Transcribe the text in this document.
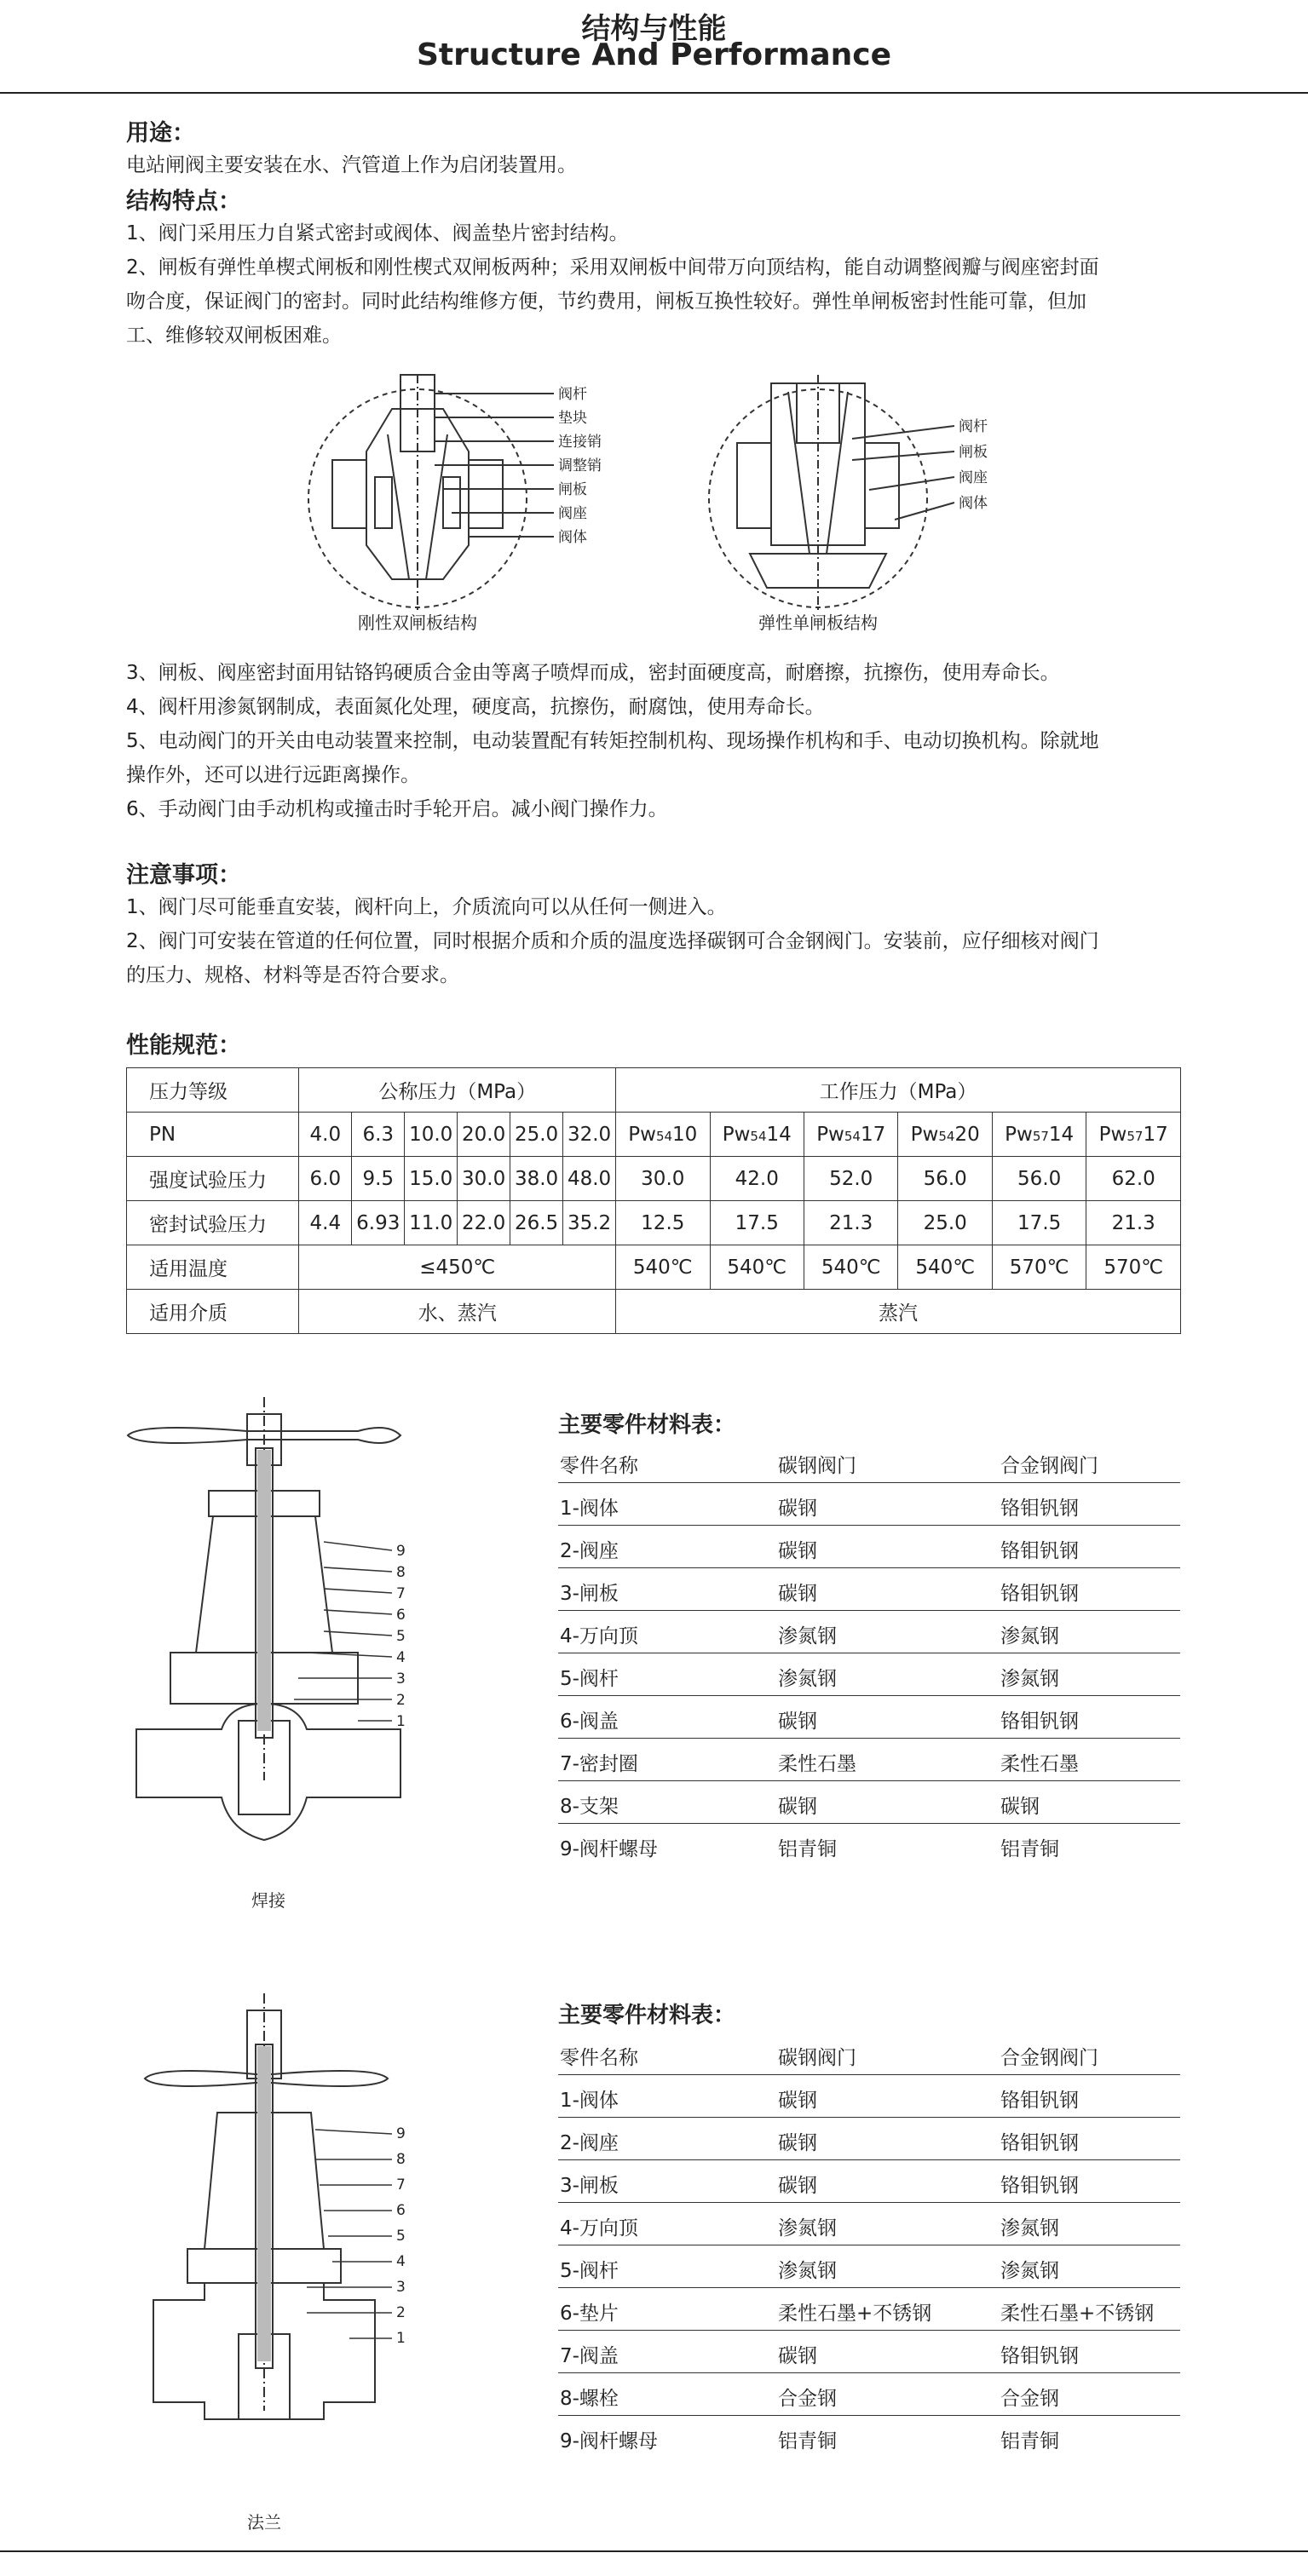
结构与性能
Structure And Performance
用途：
电站闸阀主要安装在水、汽管道上作为启闭装置用。
结构特点：
1、阀门采用压力自紧式密封或阀体、阀盖垫片密封结构。
2、闸板有弹性单楔式闸板和刚性楔式双闸板两种；采用双闸板中间带万向顶结构，能自动调整阀瓣与阀座密封面
吻合度，保证阀门的密封。同时此结构维修方便，节约费用，闸板互换性较好。弹性单闸板密封性能可靠，但加
工、维修较双闸板困难。
阀杆
垫块
连接销
调整销
闸板
阀座
阀体
阀杆
闸板
阀座
阀体
刚性双闸板结构	弹性单闸板结构
3、闸板、阀座密封面用钴铬钨硬质合金由等离子喷焊而成，密封面硬度高，耐磨擦，抗擦伤，使用寿命长。
4、阀杆用渗氮钢制成，表面氮化处理，硬度高，抗擦伤，耐腐蚀，使用寿命长。
5、电动阀门的开关由电动装置来控制，电动装置配有转矩控制机构、现场操作机构和手、电动切换机构。除就地
操作外，还可以进行远距离操作。
6、手动阀门由手动机构或撞击时手轮开启。减小阀门操作力。
注意事项：
1、阀门尽可能垂直安装，阀杆向上，介质流向可以从任何一侧进入。
2、阀门可安装在管道的任何位置，同时根据介质和介质的温度选择碳钢可合金钢阀门。安装前，应仔细核对阀门
的压力、规格、材料等是否符合要求。
性能规范：
压力等级	公称压力（MPa）						工作压力（MPa）					
PN	4.0	6.3	10.0	20.0	25.0	32.0	Pw5410	Pw5414	Pw5417	Pw5420	Pw5714	Pw5717
强度试验压力	6.0	9.5	15.0	30.0	38.0	48.0	30.0	42.0	52.0	56.0	56.0	62.0
密封试验压力	4.4	6.93	11.0	22.0	26.5	35.2	12.5	17.5	21.3	25.0	17.5	21.3
适用温度	≤450℃						540℃	540℃	540℃	540℃	570℃	570℃
适用介质	水、蒸汽						蒸汽					
9
8
7
6
5
4
3
2
1
焊接
主要零件材料表：
零件名称	碳钢阀门	合金钢阀门
1-阀体	碳钢	铬钼钒钢
2-阀座	碳钢	铬钼钒钢
3-闸板	碳钢	铬钼钒钢
4-万向顶	渗氮钢	渗氮钢
5-阀杆	渗氮钢	渗氮钢
6-阀盖	碳钢	铬钼钒钢
7-密封圈	柔性石墨	柔性石墨
8-支架	碳钢	碳钢
9-阀杆螺母	铝青铜	铝青铜
9
8
7
6
5
4
3
2
1
法兰
主要零件材料表：
零件名称	碳钢阀门	合金钢阀门
1-阀体	碳钢	铬钼钒钢
2-阀座	碳钢	铬钼钒钢
3-闸板	碳钢	铬钼钒钢
4-万向顶	渗氮钢	渗氮钢
5-阀杆	渗氮钢	渗氮钢
6-垫片	柔性石墨+不锈钢	柔性石墨+不锈钢
7-阀盖	碳钢	铬钼钒钢
8-螺栓	合金钢	合金钢
9-阀杆螺母	铝青铜	铝青铜
